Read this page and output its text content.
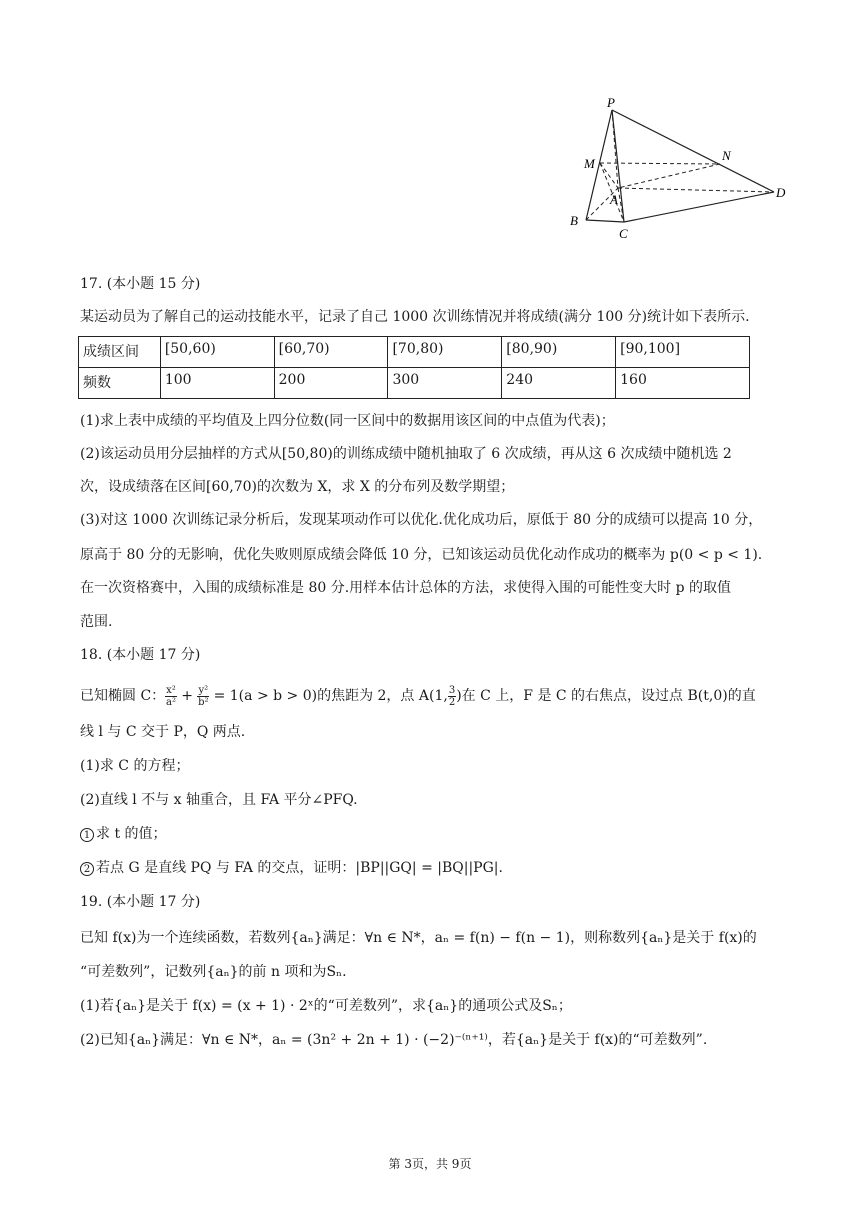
P
M
N
A
B
C
D
17. (本小题 15 分)
某运动员为了解自己的运动技能水平，记录了自己 1000 次训练情况并将成绩(满分 100 分)统计如下表所示.
成绩区间	[50,60)	[60,70)	[70,80)	[80,90)	[90,100]
频数	100	200	300	240	160
(1)求上表中成绩的平均值及上四分位数(同一区间中的数据用该区间的中点值为代表)；
(2)该运动员用分层抽样的方式从[50,80)的训练成绩中随机抽取了 6 次成绩，再从这 6 次成绩中随机选 2
次，设成绩落在区间[60,70)的次数为 X，求 X 的分布列及数学期望；
(3)对这 1000 次训练记录分析后，发现某项动作可以优化.优化成功后，原低于 80 分的成绩可以提高 10 分，
原高于 80 分的无影响，优化失败则原成绩会降低 10 分，已知该运动员优化动作成功的概率为 p(0 < p < 1).
在一次资格赛中，入围的成绩标准是 80 分.用样本估计总体的方法，求使得入围的可能性变大时 p 的取值
范围.
18. (本小题 17 分)
已知椭圆 C： $\frac{\text{x²}}{\text{a²}} + \frac{\text{y²}}{\text{b²}} = 1(a > b > 0)$的焦距为 2，点 A(1, $\frac{3}{2}$ )在 C 上，F 是 C 的右焦点，设过点 B(t,0)的直
线 l 与 C 交于 P，Q 两点.
(1)求 C 的方程；
(2)直线 l 不与 x 轴重合，且 FA 平分∠PFQ.
1 求 t 的值；
2 若点 G 是直线 PQ 与 FA 的交点，证明：|BP||GQ| = |BQ||PG|.
19. (本小题 17 分)
已知 f(x)为一个连续函数，若数列{aₙ}满足：∀n ∈ N*，aₙ = f(n) − f(n − 1)，则称数列{aₙ}是关于 f(x)的
“可差数列”，记数列{aₙ}的前 n 项和为Sₙ.
(1)若{aₙ}是关于 f(x) = (x + 1) · 2ˣ的“可差数列”，求{aₙ}的通项公式及Sₙ；
(2)已知{aₙ}满足：∀n ∈ N*，aₙ = (3n² + 2n + 1) · (−2)⁻⁽ⁿ⁺¹⁾，若{aₙ}是关于 f(x)的“可差数列”.
第 3页，共 9页
